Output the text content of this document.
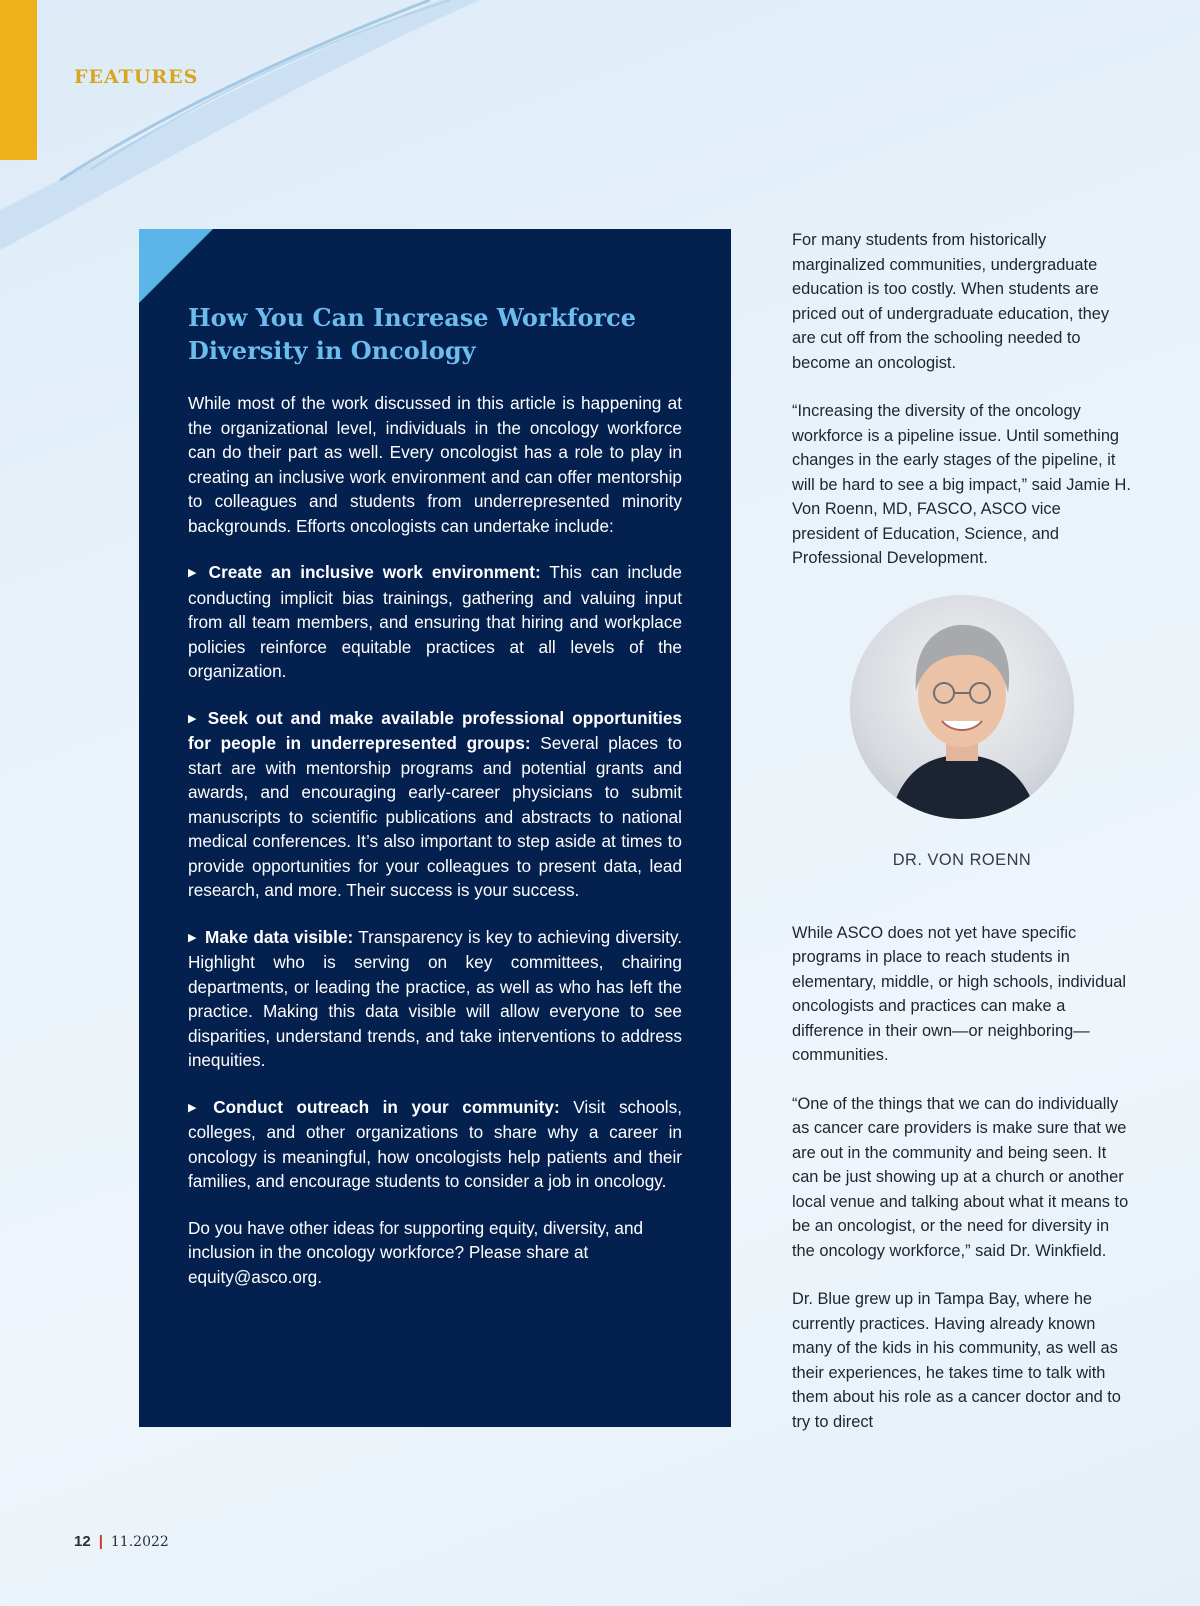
FEATURES
How You Can Increase Workforce Diversity in Oncology

While most of the work discussed in this article is happening at the organizational level, individuals in the oncology workforce can do their part as well. Every oncologist has a role to play in creating an inclusive work environment and can offer mentorship to colleagues and students from underrepresented minority backgrounds. Efforts oncologists can undertake include:

▶ Create an inclusive work environment: This can include conducting implicit bias trainings, gathering and valuing input from all team members, and ensuring that hiring and workplace policies reinforce equitable practices at all levels of the organization.

▶ Seek out and make available professional opportunities for people in underrepresented groups: Several places to start are with mentorship programs and potential grants and awards, and encouraging early-career physicians to submit manuscripts to scientific publications and abstracts to national medical conferences. It’s also important to step aside at times to provide opportunities for your colleagues to present data, lead research, and more. Their success is your success.

▶ Make data visible: Transparency is key to achieving diversity. Highlight who is serving on key committees, chairing departments, or leading the practice, as well as who has left the practice. Making this data visible will allow everyone to see disparities, understand trends, and take interventions to address inequities.

▶ Conduct outreach in your community: Visit schools, colleges, and other organizations to share why a career in oncology is meaningful, how oncologists help patients and their families, and encourage students to consider a job in oncology.

Do you have other ideas for supporting equity, diversity, and inclusion in the oncology workforce? Please share at equity@asco.org.

For many students from historically marginalized communities, undergraduate education is too costly. When students are priced out of undergraduate education, they are cut off from the schooling needed to become an oncologist.

“Increasing the diversity of the oncology workforce is a pipeline issue. Until something changes in the early stages of the pipeline, it will be hard to see a big impact,” said Jamie H. Von Roenn, MD, FASCO, ASCO vice president of Education, Science, and Professional Development.

DR. VON ROENN

While ASCO does not yet have specific programs in place to reach students in elementary, middle, or high schools, individual oncologists and practices can make a difference in their own—or neighboring—communities.

“One of the things that we can do individually as cancer care providers is make sure that we are out in the community and being seen. It can be just showing up at a church or another local venue and talking about what it means to be an oncologist, or the need for diversity in the oncology workforce,” said Dr. Winkfield.

Dr. Blue grew up in Tampa Bay, where he currently practices. Having already known many of the kids in his community, as well as their experiences, he takes time to talk with them about his role as a cancer doctor and to try to direct

12 | 11.2022
